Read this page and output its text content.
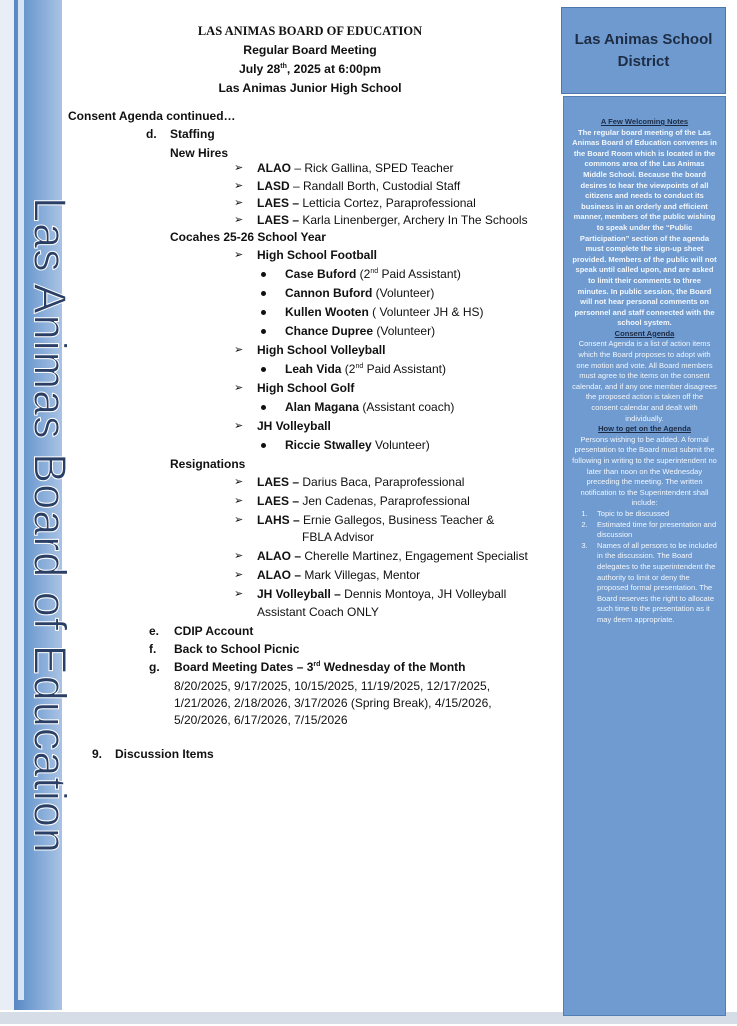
Las Animas Board of Education
LAS ANIMAS BOARD OF EDUCATION
Regular Board Meeting
July 28th, 2025 at 6:00pm
Las Animas Junior High School
Las Animas School
District
A Few Welcoming Notes
The regular board meeting of the Las Animas Board of Education convenes in the Board Room which is located in the commons area of the Las Animas Middle School. Because the board desires to hear the viewpoints of all citizens and needs to conduct its business in an orderly and efficient manner, members of the public wishing to speak under the “Public Participation” section of the agenda must complete the sign-up sheet provided. Members of the public will not speak until called upon, and are asked to limit their comments to three minutes. In public session, the Board will not hear personal comments on personnel and staff connected with the school system.
Consent Agenda
Consent Agenda is a list of action items which the Board proposes to adopt with one motion and vote. All Board members must agree to the items on the consent calendar, and if any one member disagrees the proposed action is taken off the consent calendar and dealt with individually.
How to get on the Agenda
Persons wishing to be added. A formal presentation to the Board must submit the following in writing to the superintendent no later than noon on the Wednesday preceding the meeting. The written notification to the Superintendent shall include:
1.	Topic to be discussed
2.	Estimated time for presentation and discussion
3.	Names of all persons to be included in the discussion. The Board delegates to the superintendent the authority to limit or deny the proposed formal presentation. The Board reserves the right to allocate such time to the presentation as it may deem appropriate.
Consent Agenda continued…
d. Staffing
New Hires
➢ ALAO – Rick Gallina, SPED Teacher
➢ LASD – Randall Borth, Custodial Staff
➢ LAES – Letticia Cortez, Paraprofessional
➢ LAES – Karla Linenberger, Archery In The Schools
Cocahes 25-26 School Year
➢ High School Football
Case Buford (2nd Paid Assistant)
Cannon Buford (Volunteer)
Kullen Wooten ( Volunteer JH & HS)
Chance Dupree (Volunteer)
➢ High School Volleyball
Leah Vida (2nd Paid Assistant)
➢ High School Golf
Alan Magana (Assistant coach)
➢ JH Volleyball
Riccie Stwalley Volunteer)
Resignations
➢ LAES – Darius Baca, Paraprofessional
➢ LAES – Jen Cadenas, Paraprofessional
➢ LAHS – Ernie Gallegos, Business Teacher &
FBLA Advisor
➢ ALAO – Cherelle Martinez, Engagement Specialist
➢ ALAO – Mark Villegas, Mentor
➢ JH Volleyball – Dennis Montoya, JH Volleyball
Assistant Coach ONLY
e. CDIP Account
f. Back to School Picnic
g. Board Meeting Dates – 3rd Wednesday of the Month
8/20/2025, 9/17/2025, 10/15/2025, 11/19/2025, 12/17/2025,
1/21/2026, 2/18/2026, 3/17/2026 (Spring Break), 4/15/2026,
5/20/2026, 6/17/2026, 7/15/2026
9. Discussion Items
